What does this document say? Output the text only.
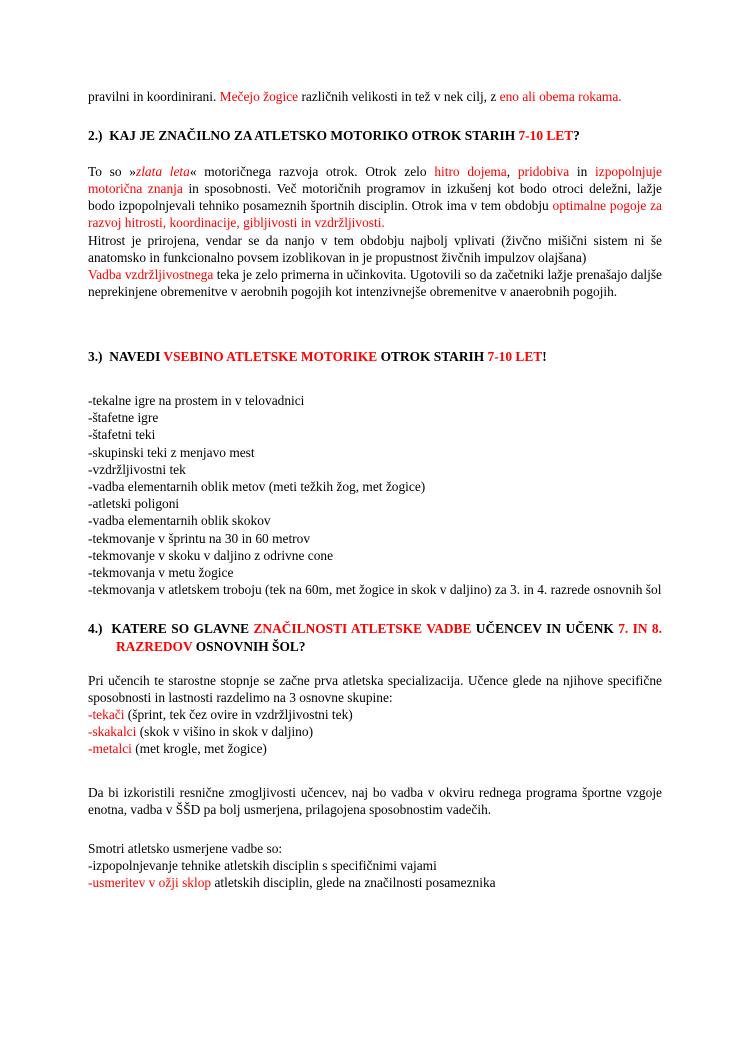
pravilni in koordinirani. Mečejo žogice različnih velikosti in tež v nek cilj, z eno ali obema rokama.

2.) KAJ JE ZNAČILNO ZA ATLETSKO MOTORIKO OTROK STARIH 7-10 LET?

To so »zlata leta« motoričnega razvoja otrok. Otrok zelo hitro dojema, pridobiva in izpopolnjuje motorična znanja in sposobnosti. Več motoričnih programov in izkušenj kot bodo otroci deležni, lažje bodo izpopolnjevali tehniko posameznih športnih disciplin. Otrok ima v tem obdobju optimalne pogoje za razvoj hitrosti, koordinacije, gibljivosti in vzdržljivosti.

Hitrost je prirojena, vendar se da nanjo v tem obdobju najbolj vplivati (živčno mišični sistem ni še anatomsko in funkcionalno povsem izoblikovan in je propustnost živčnih impulzov olajšana)

Vadba vzdržljivostnega teka je zelo primerna in učinkovita. Ugotovili so da začetniki lažje prenašajo daljše neprekinjene obremenitve v aerobnih pogojih kot intenzivnejše obremenitve v anaerobnih pogojih.

3.) NAVEDI VSEBINO ATLETSKE MOTORIKE OTROK STARIH 7-10 LET!

-tekalne igre na prostem in v telovadnici
-štafetne igre
-štafetni teki
-skupinski teki z menjavo mest
-vzdržljivostni tek
-vadba elementarnih oblik metov (meti težkih žog, met žogice)
-atletski poligoni
-vadba elementarnih oblik skokov
-tekmovanje v šprintu na 30 in 60 metrov
-tekmovanje v skoku v daljino z odrivne cone
-tekmovanja v metu žogice
-tekmovanja v atletskem troboju (tek na 60m, met žogice in skok v daljino) za 3. in 4. razrede osnovnih šol

4.) KATERE SO GLAVNE ZNAČILNOSTI ATLETSKE VADBE UČENCEV IN UČENK 7. IN 8. RAZREDOV OSNOVNIH ŠOL?

Pri učencih te starostne stopnje se začne prva atletska specializacija. Učence glede na njihove specifične sposobnosti in lastnosti razdelimo na 3 osnovne skupine:

-tekači (šprint, tek čez ovire in vzdržljivostni tek)
-skakalci (skok v višino in skok v daljino)
-metalci (met krogle, met žogice)

Da bi izkoristili resnične zmogljivosti učencev, naj bo vadba v okviru rednega programa športne vzgoje enotna, vadba v ŠŠD pa bolj usmerjena, prilagojena sposobnostim vadečih.

Smotri atletsko usmerjene vadbe so:
-izpopolnjevanje tehnike atletskih disciplin s specifičnimi vajami
-usmeritev v ožji sklop atletskih disciplin, glede na značilnosti posameznika
